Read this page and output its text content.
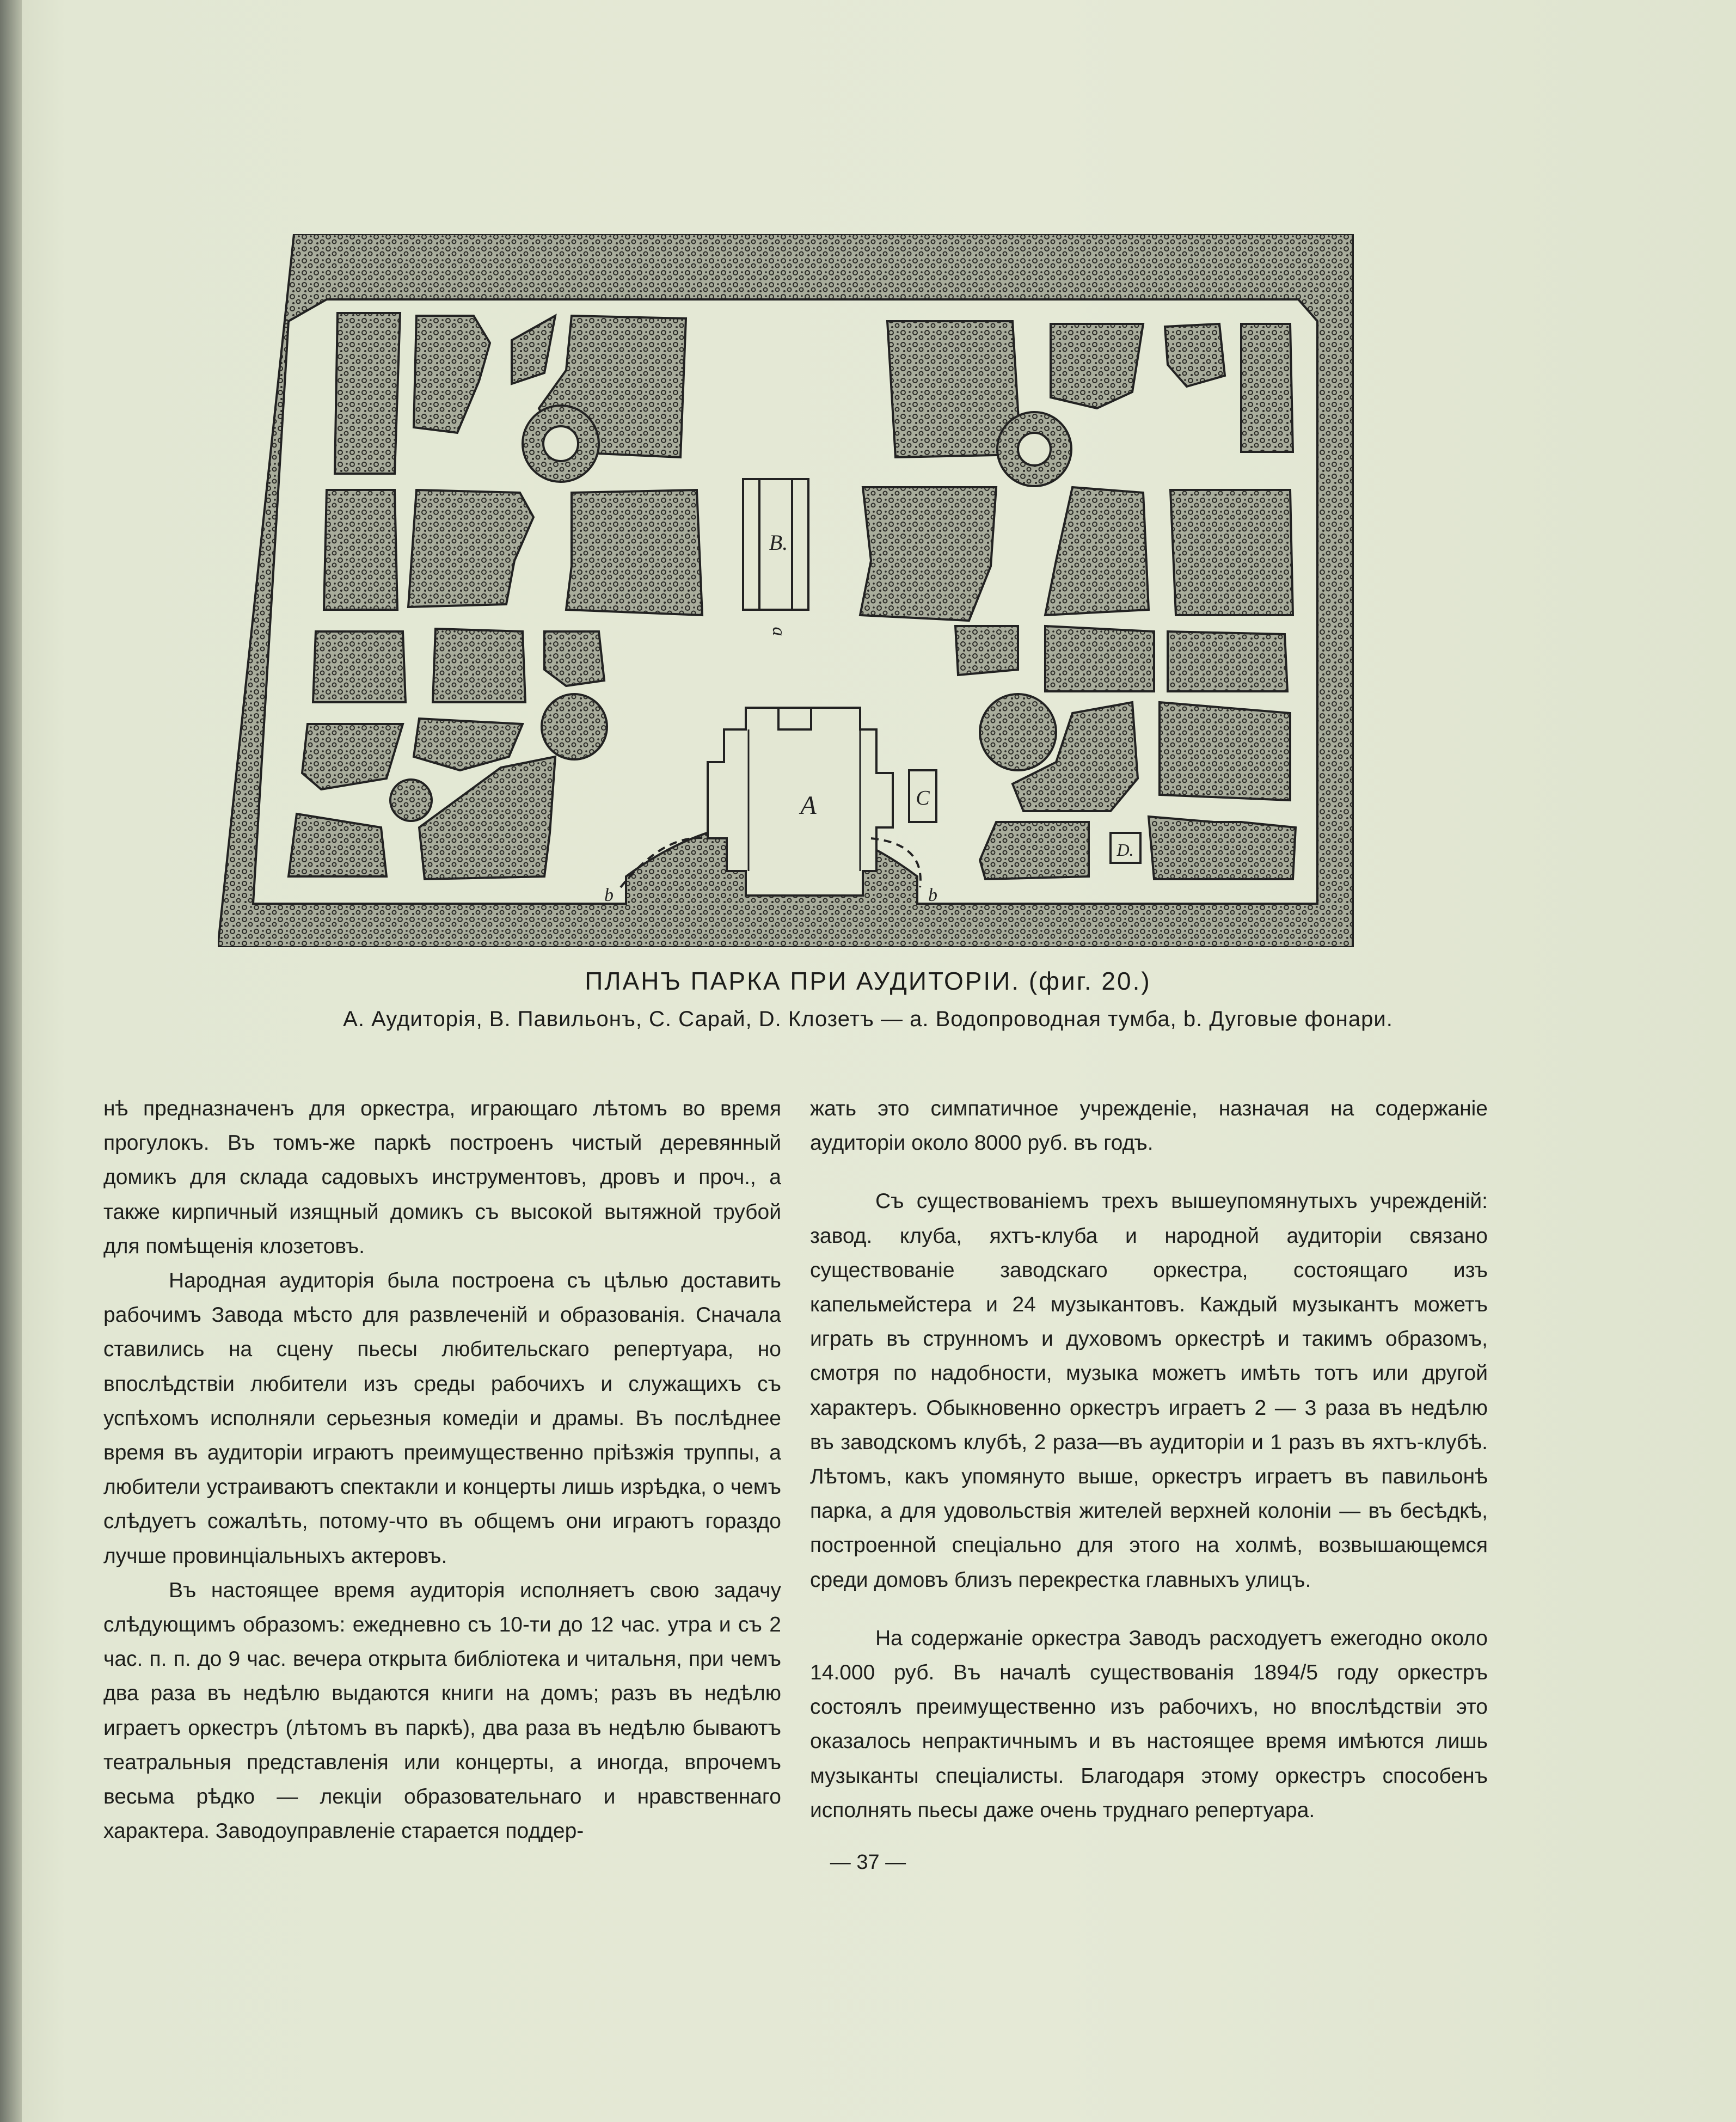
B.
a
A	C
D.
b	b
ПЛАНЪ ПАРКА ПРИ АУДИТОРІИ. (фиг. 20.)
А. Аудиторія, В. Павильонъ, С. Сарай, D. Клозетъ — a. Водопроводная тумба, b. Дуговые фонари.

нѣ предназначенъ для оркестра, играющаго лѣтомъ во время прогулокъ. Въ томъ-же паркѣ построенъ чистый деревянный домикъ для склада садовыхъ инструментовъ, дровъ и проч., а также кирпичный изящный домикъ съ высокой вытяжной трубой для помѣщенія клозетовъ.

Народная аудиторія была построена съ цѣлью доставить рабочимъ Завода мѣсто для развлеченій и образованія. Сначала ставились на сцену пьесы любительскаго репертуара, но впослѣдствіи любители изъ среды рабочихъ и служащихъ съ успѣхомъ исполняли серьезныя комедіи и драмы. Въ послѣднее время въ аудиторіи играютъ преимущественно пріѣзжія труппы, а любители устраиваютъ спектакли и концерты лишь изрѣдка, о чемъ слѣдуетъ сожалѣть, потому-что въ общемъ они играютъ гораздо лучше провинціальныхъ актеровъ.

Въ настоящее время аудиторія исполняетъ свою задачу слѣдующимъ образомъ: ежедневно съ 10-ти до 12 час. утра и съ 2 час. п. п. до 9 час. вечера открыта библіотека и читальня, при чемъ два раза въ недѣлю выдаются книги на домъ; разъ въ недѣлю играетъ оркестръ (лѣтомъ въ паркѣ), два раза въ недѣлю бываютъ театральныя представленія или концерты, а иногда, впрочемъ весьма рѣдко — лекціи образовательнаго и нравственнаго характера. Заводоуправленіе старается поддер-

жать это симпатичное учрежденіе, назначая на содержаніе аудиторіи около 8000 руб. въ годъ.

Съ существованіемъ трехъ вышеупомянутыхъ учрежденій: завод. клуба, яхтъ-клуба и народной аудиторіи связано существованіе заводскаго оркестра, состоящаго изъ капельмейстера и 24 музыкантовъ. Каждый музыкантъ можетъ играть въ струнномъ и духовомъ оркестрѣ и такимъ образомъ, смотря по надобности, музыка можетъ имѣть тотъ или другой характеръ. Обыкновенно оркестръ играетъ 2 — 3 раза въ недѣлю въ заводскомъ клубѣ, 2 раза—въ аудиторіи и 1 разъ въ яхтъ-клубѣ. Лѣтомъ, какъ упомянуто выше, оркестръ играетъ въ павильонѣ парка, а для удовольствія жителей верхней колоніи — въ бесѣдкѣ, построенной спеціально для этого на холмѣ, возвышающемся среди домовъ близъ перекрестка главныхъ улицъ.

На содержаніе оркестра Заводъ расходуетъ ежегодно около 14.000 руб. Въ началѣ существованія 1894/5 году оркестръ состоялъ преимущественно изъ рабочихъ, но впослѣдствіи это оказалось непрактичнымъ и въ настоящее время имѣются лишь музыканты спеціалисты. Благодаря этому оркестръ способенъ исполнять пьесы даже очень труднаго репертуара.

— 37 —
